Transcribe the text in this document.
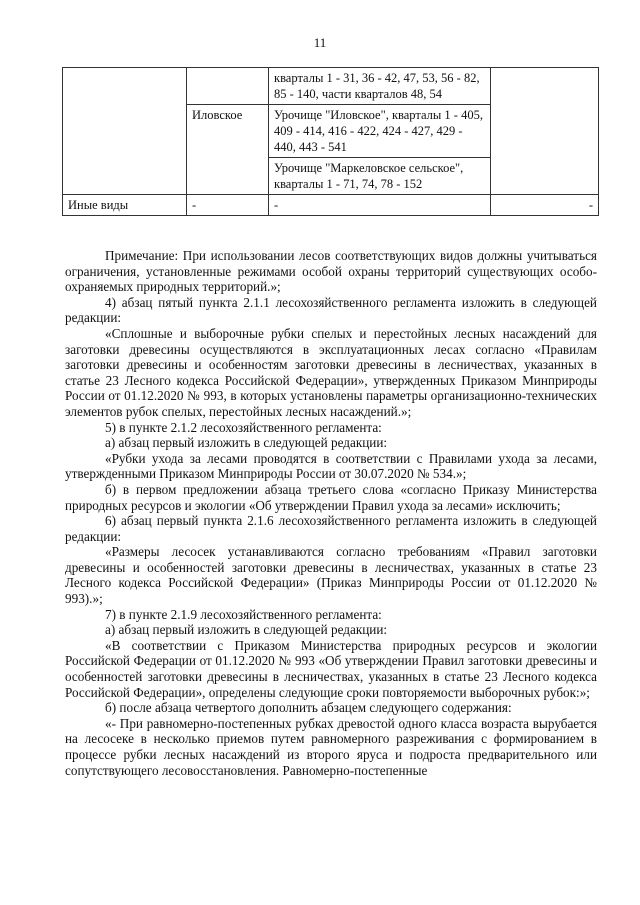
11
		кварталы 1 - 31, 36 - 42, 47, 53, 56 - 82, 85 - 140, части кварталов 48, 54	
	Иловское	Урочище "Иловское", кварталы 1 - 405, 409 - 414, 416 - 422, 424 - 427, 429 - 440, 443 - 541	
		Урочище "Маркеловское сельское", кварталы 1 - 71, 74, 78 - 152	
Иные виды	-	-	-

Примечание: При использовании лесов соответствующих видов должны учитываться ограничения, установленные режимами особой охраны территорий существующих особо-охраняемых природных территорий.»;

4) абзац пятый пункта 2.1.1 лесохозяйственного регламента изложить в следующей редакции:

«Сплошные и выборочные рубки спелых и перестойных лесных насаждений для заготовки древесины осуществляются в эксплуатационных лесах согласно «Правилам заготовки древесины и особенностям заготовки древесины в лесничествах, указанных в статье 23 Лесного кодекса Российской Федерации», утвержденных Приказом Минприроды России от 01.12.2020 № 993, в которых установлены параметры организационно-технических элементов рубок спелых, перестойных лесных насаждений.»;

5) в пункте 2.1.2 лесохозяйственного регламента:

а) абзац первый изложить в следующей редакции:

«Рубки ухода за лесами проводятся в соответствии с Правилами ухода за лесами, утвержденными Приказом Минприроды России от 30.07.2020 № 534.»;

б) в первом предложении абзаца третьего слова «согласно Приказу Министерства природных ресурсов и экологии «Об утверждении Правил ухода за лесами» исключить;

6) абзац первый пункта 2.1.6 лесохозяйственного регламента изложить в следующей редакции:

«Размеры лесосек устанавливаются согласно требованиям «Правил заготовки древесины и особенностей заготовки древесины в лесничествах, указанных в статье 23 Лесного кодекса Российской Федерации» (Приказ Минприроды России от 01.12.2020 № 993).»;

7) в пункте 2.1.9 лесохозяйственного регламента:

а) абзац первый изложить в следующей редакции:

«В соответствии с Приказом Министерства природных ресурсов и экологии Российской Федерации от 01.12.2020 № 993 «Об утверждении Правил заготовки древесины и особенностей заготовки древесины в лесничествах, указанных в статье 23 Лесного кодекса Российской Федерации», определены следующие сроки повторяемости выборочных рубок:»;

б) после абзаца четвертого дополнить абзацем следующего содержания:

«- При равномерно-постепенных рубках древостой одного класса возраста вырубается на лесосеке в несколько приемов путем равномерного разреживания с формированием в процессе рубки лесных насаждений из второго яруса и подроста предварительного или сопутствующего лесовосстановления. Равномерно-постепенные
